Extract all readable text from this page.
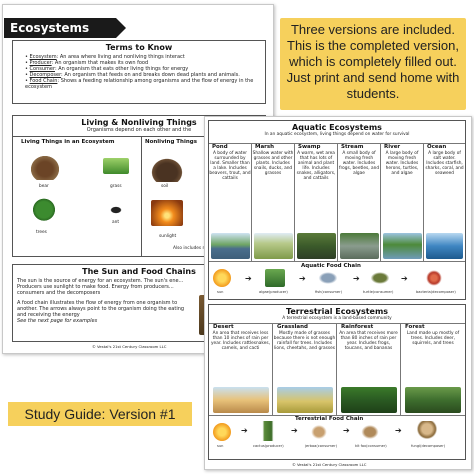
Ecosystems
Terms to Know
• Ecosystem: An area where living and nonliving things interact
• Producer: An organism that makes its own food
• Consumer: An organism that eats other living things for energy
• Decomposer: An organism that feeds on and breaks down dead plants and animals.
• Food Chain: Shows a feeding relationship among organisms and the flow of energy in the ecosystem
Living & Nonliving Things
Organisms depend on each other and the
Living Things in an Ecosystem	Nonliving Things
bear	grass
trees
ant
soil
sunlight
Also includes r
The Sun and Food Chains
The sun is the source of energy for an ecosystem. The sun's ene... Producers use sunlight to make food. Energy from producers... consumers and the decomposers
A food chain illustrates the flow of energy from one organism to another. The arrows always point to the organism doing the eating and receiving the energy
See the next page for examples
© Vestal's 21st Century Classroom LLC
Three versions are included. This is the completed version, which is completely filled out. Just print and send home with students.
Study Guide: Version #1
Aquatic Ecosystems
In an aquatic ecosystem, living things depend on water for survival
Pond
A body of water surrounded by land. Smaller than a lake. Includes beavers, trout, and cattails
Marsh
Shallow water with grasses and other plants. Includes snails, ducks, and grasses
Swamp
A warm, wet area that has lots of animal and plant life. Includes snakes, alligators, and cattails
Stream
A small body of moving fresh water. Includes frogs, beetles, and algae
River
A large body of moving fresh water. Includes herons, turtles, and algae
Ocean
A large body of salt water. Includes starfish, sharks, coral, and seaweed
Aquatic Food Chain
sun
➔
algae(producer)
➔
fish(consumer)
➔
turtle(consumer)
➔
bacteria(decomposer)
Terrestrial Ecosystems
A terrestrial ecosystem is a land-based community
Desert
An area that receives less than 10 inches of rain per year. Includes rattlesnakes, camels, and cacti
Grassland
Mostly made of grasses because there is not enough rainfall for trees. Includes lions, cheetahs, and grasses
Rainforest
An area that receives more than 80 inches of rain per year. Includes frogs, toucans, and bananas
Forest
Land made up mostly of trees. Includes deer, squirrels, and trees
Terrestrial Food Chain
sun
➔
cactus(producer)
➔
jerboa(consumer)
➔
kit fox(consumer)
➔
fungi(decomposer)
© Vestal's 21st Century Classroom LLC
